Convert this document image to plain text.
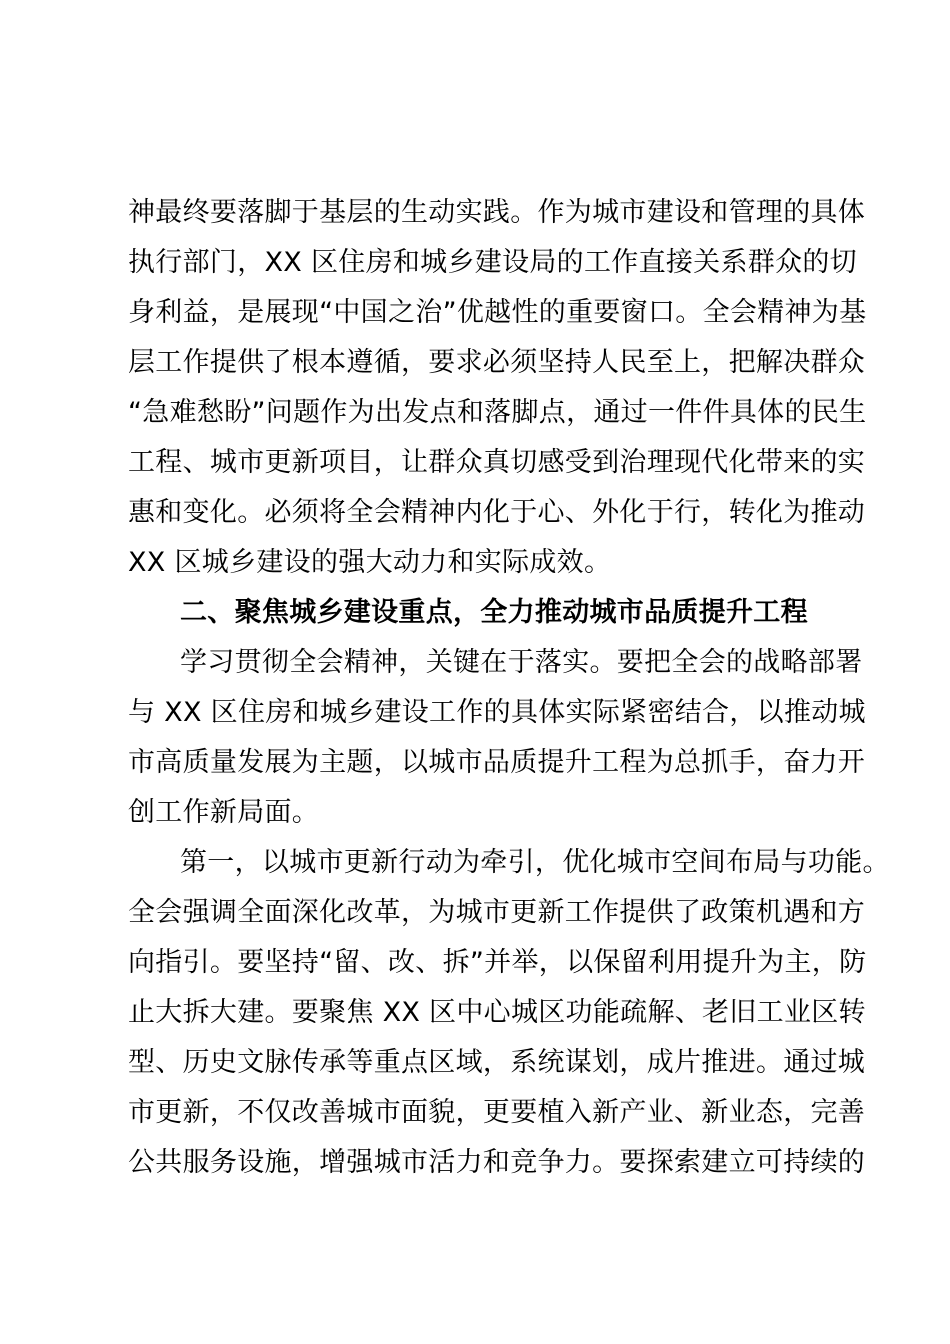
神最终要落脚于基层的生动实践。作为城市建设和管理的具体
执行部门，XX 区住房和城乡建设局的工作直接关系群众的切
身利益，是展现“中国之治”优越性的重要窗口。全会精神为基
层工作提供了根本遵循，要求必须坚持人民至上，把解决群众
“急难愁盼”问题作为出发点和落脚点，通过一件件具体的民生
工程、城市更新项目，让群众真切感受到治理现代化带来的实
惠和变化。必须将全会精神内化于心、外化于行，转化为推动
XX 区城乡建设的强大动力和实际成效。
二、聚焦城乡建设重点，全力推动城市品质提升工程
学习贯彻全会精神，关键在于落实。要把全会的战略部署
与 XX 区住房和城乡建设工作的具体实际紧密结合，以推动城
市高质量发展为主题，以城市品质提升工程为总抓手，奋力开
创工作新局面。
第一，以城市更新行动为牵引，优化城市空间布局与功能。
全会强调全面深化改革，为城市更新工作提供了政策机遇和方
向指引。要坚持“留、改、拆”并举，以保留利用提升为主，防
止大拆大建。要聚焦 XX 区中心城区功能疏解、老旧工业区转
型、历史文脉传承等重点区域，系统谋划，成片推进。通过城
市更新，不仅改善城市面貌，更要植入新产业、新业态，完善
公共服务设施，增强城市活力和竞争力。要探索建立可持续的
